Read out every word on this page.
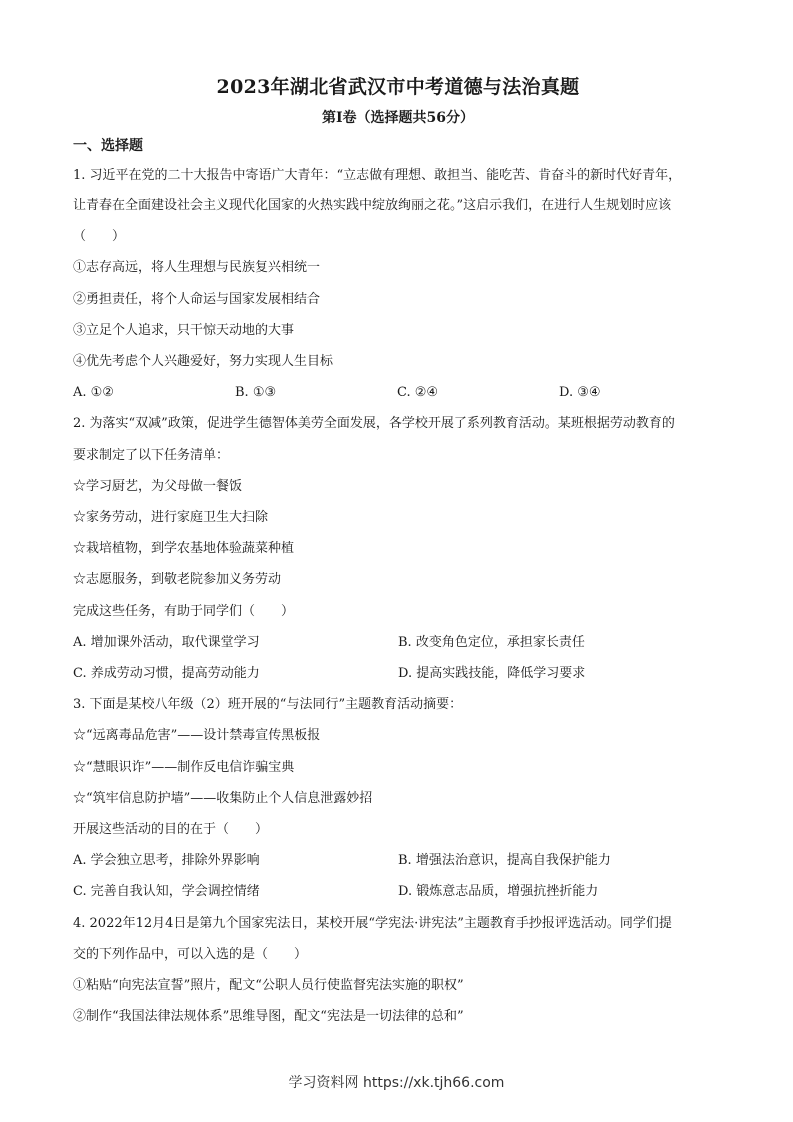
2023年湖北省武汉市中考道德与法治真题
第I卷（选择题共56分）
一、选择题
1. 习近平在党的二十大报告中寄语广大青年：“立志做有理想、敢担当、能吃苦、肯奋斗的新时代好青年，
让青春在全面建设社会主义现代化国家的火热实践中绽放绚丽之花。”这启示我们，在进行人生规划时应该
（　　）
①志存高远，将人生理想与民族复兴相统一
②勇担责任，将个人命运与国家发展相结合
③立足个人追求，只干惊天动地的大事
④优先考虑个人兴趣爱好，努力实现人生目标
A. ①②	B. ①③	C. ②④	D. ③④
2. 为落实“双减”政策，促进学生德智体美劳全面发展，各学校开展了系列教育活动。某班根据劳动教育的
要求制定了以下任务清单：
☆学习厨艺，为父母做一餐饭
☆家务劳动，进行家庭卫生大扫除
☆栽培植物，到学农基地体验蔬菜种植
☆志愿服务，到敬老院参加义务劳动
完成这些任务，有助于同学们（　　）
A. 增加课外活动，取代课堂学习	B. 改变角色定位，承担家长责任
C. 养成劳动习惯，提高劳动能力	D. 提高实践技能，降低学习要求
3. 下面是某校八年级（2）班开展的“与法同行”主题教育活动摘要：
☆“远离毒品危害”——设计禁毒宣传黑板报
☆“慧眼识诈”——制作反电信诈骗宝典
☆“筑牢信息防护墙”——收集防止个人信息泄露妙招
开展这些活动的目的在于（　　）
A. 学会独立思考，排除外界影响	B. 增强法治意识，提高自我保护能力
C. 完善自我认知，学会调控情绪	D. 锻炼意志品质，增强抗挫折能力
4. 2022年12月4日是第九个国家宪法日，某校开展“学宪法·讲宪法”主题教育手抄报评选活动。同学们提
交的下列作品中，可以入选的是（　　）
①粘贴“向宪法宣誓”照片，配文“公职人员行使监督宪法实施的职权”
②制作“我国法律法规体系”思维导图，配文“宪法是一切法律的总和”
学习资料网 https://xk.tjh66.com
